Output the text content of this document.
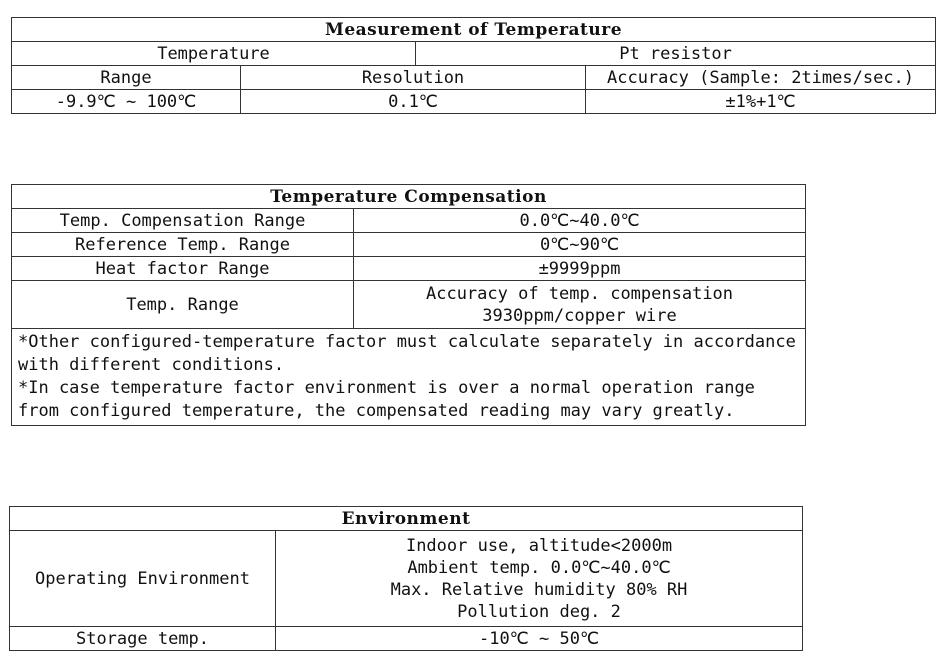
Measurement of Temperature			
Temperature		Pt resistor	
Range	Resolution		Accuracy (Sample: 2times/sec.)
-9.9℃ ~ 100℃	0.1℃		±1%+1℃
Temperature Compensation	
Temp. Compensation Range	0.0℃~40.0℃
Reference Temp. Range	0℃~90℃
Heat factor Range	±9999ppm
Temp. Range	Accuracy of temp. compensation
3930ppm/copper wire

*Other configured-temperature factor must calculate separately in accordance with different conditions.
*In case temperature factor environment is over a normal operation range from configured temperature, the compensated reading may vary greatly.	
Environment	
Operating Environment	Indoor use, altitude<2000m
Ambient temp. 0.0℃~40.0℃
Max. Relative humidity 80% RH
Pollution deg. 2

Storage temp.	-10℃ ~ 50℃
